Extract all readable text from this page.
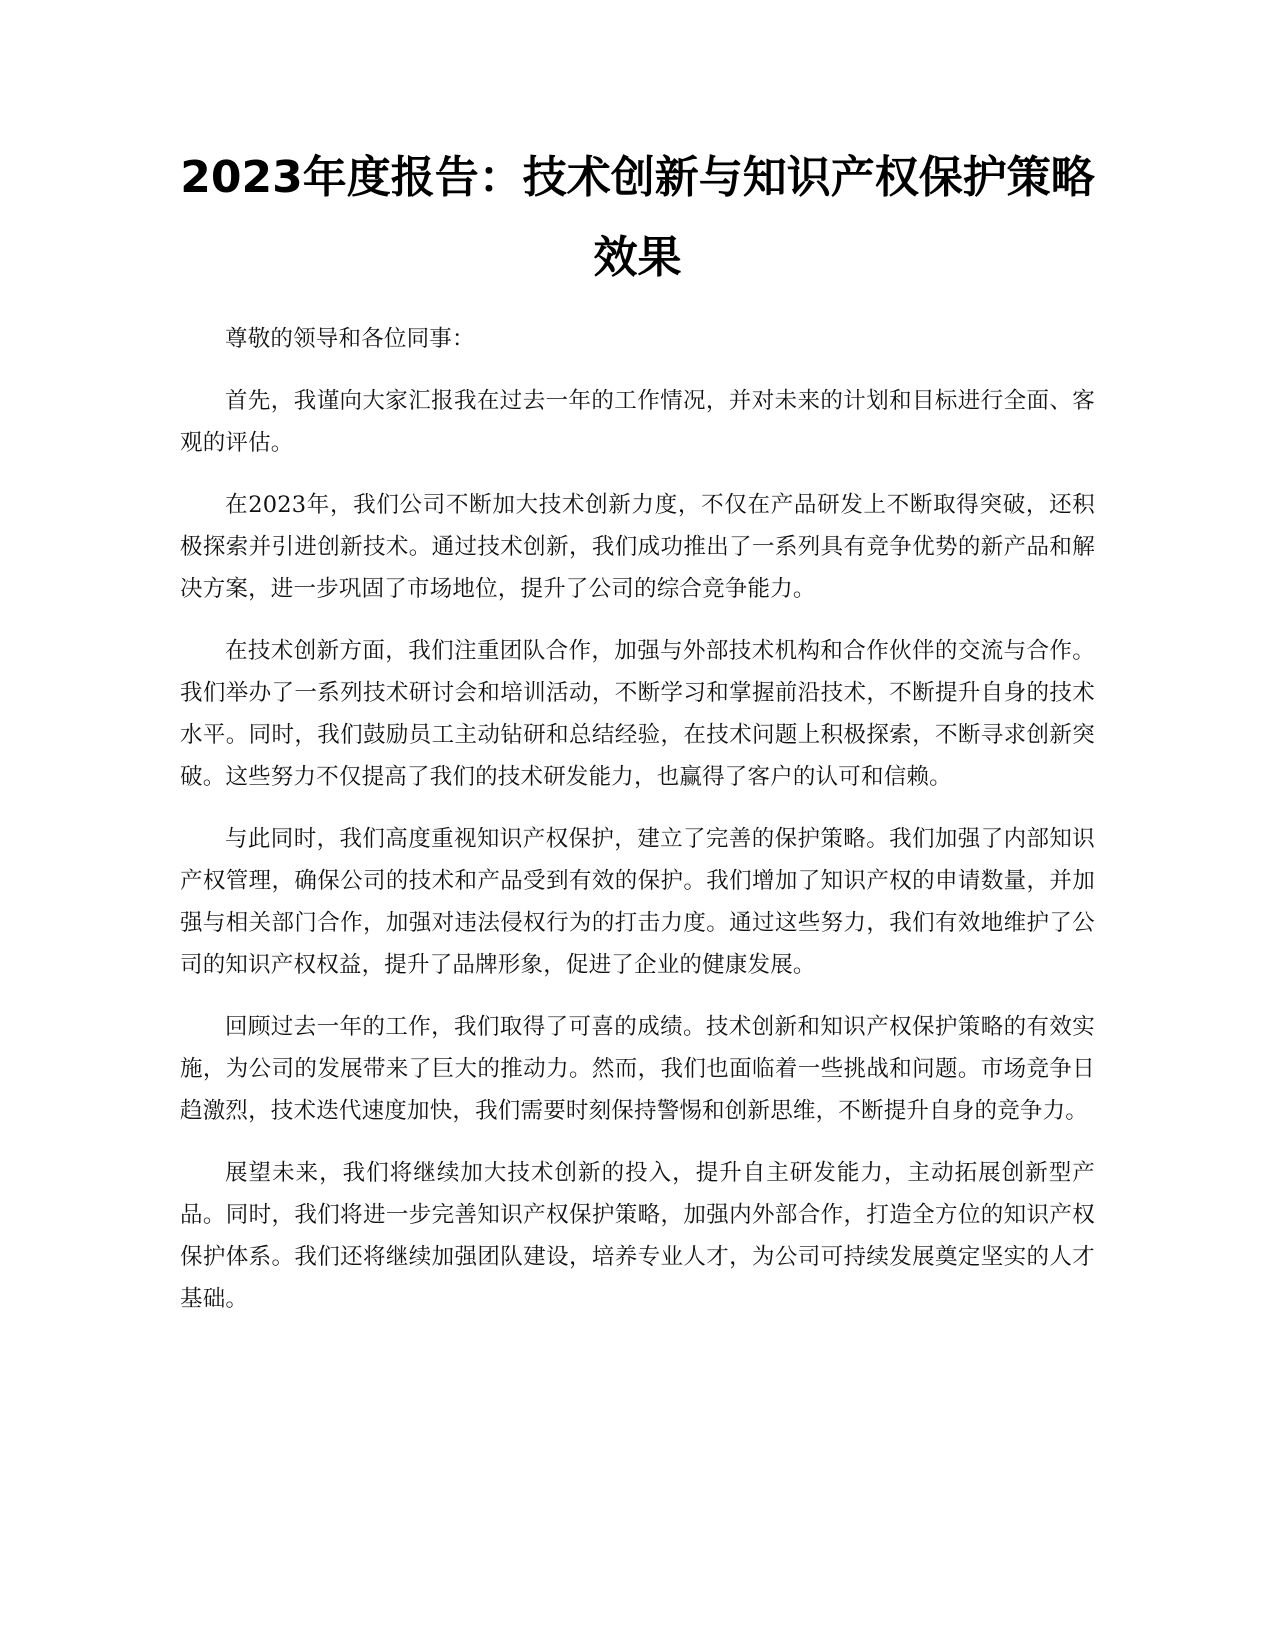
2023年度报告：技术创新与知识产权保护策略效果

尊敬的领导和各位同事：

首先，我谨向大家汇报我在过去一年的工作情况，并对未来的计划和目标进行全面、客观的评估。

在2023年，我们公司不断加大技术创新力度，不仅在产品研发上不断取得突破，还积极探索并引进创新技术。通过技术创新，我们成功推出了一系列具有竞争优势的新产品和解决方案，进一步巩固了市场地位，提升了公司的综合竞争能力。

在技术创新方面，我们注重团队合作，加强与外部技术机构和合作伙伴的交流与合作。我们举办了一系列技术研讨会和培训活动，不断学习和掌握前沿技术，不断提升自身的技术水平。同时，我们鼓励员工主动钻研和总结经验，在技术问题上积极探索，不断寻求创新突破。这些努力不仅提高了我们的技术研发能力，也赢得了客户的认可和信赖。

与此同时，我们高度重视知识产权保护，建立了完善的保护策略。我们加强了内部知识产权管理，确保公司的技术和产品受到有效的保护。我们增加了知识产权的申请数量，并加强与相关部门合作，加强对违法侵权行为的打击力度。通过这些努力，我们有效地维护了公司的知识产权权益，提升了品牌形象，促进了企业的健康发展。

回顾过去一年的工作，我们取得了可喜的成绩。技术创新和知识产权保护策略的有效实施，为公司的发展带来了巨大的推动力。然而，我们也面临着一些挑战和问题。市场竞争日趋激烈，技术迭代速度加快，我们需要时刻保持警惕和创新思维，不断提升自身的竞争力。

展望未来，我们将继续加大技术创新的投入，提升自主研发能力，主动拓展创新型产品。同时，我们将进一步完善知识产权保护策略，加强内外部合作，打造全方位的知识产权保护体系。我们还将继续加强团队建设，培养专业人才，为公司可持续发展奠定坚实的人才基础。
